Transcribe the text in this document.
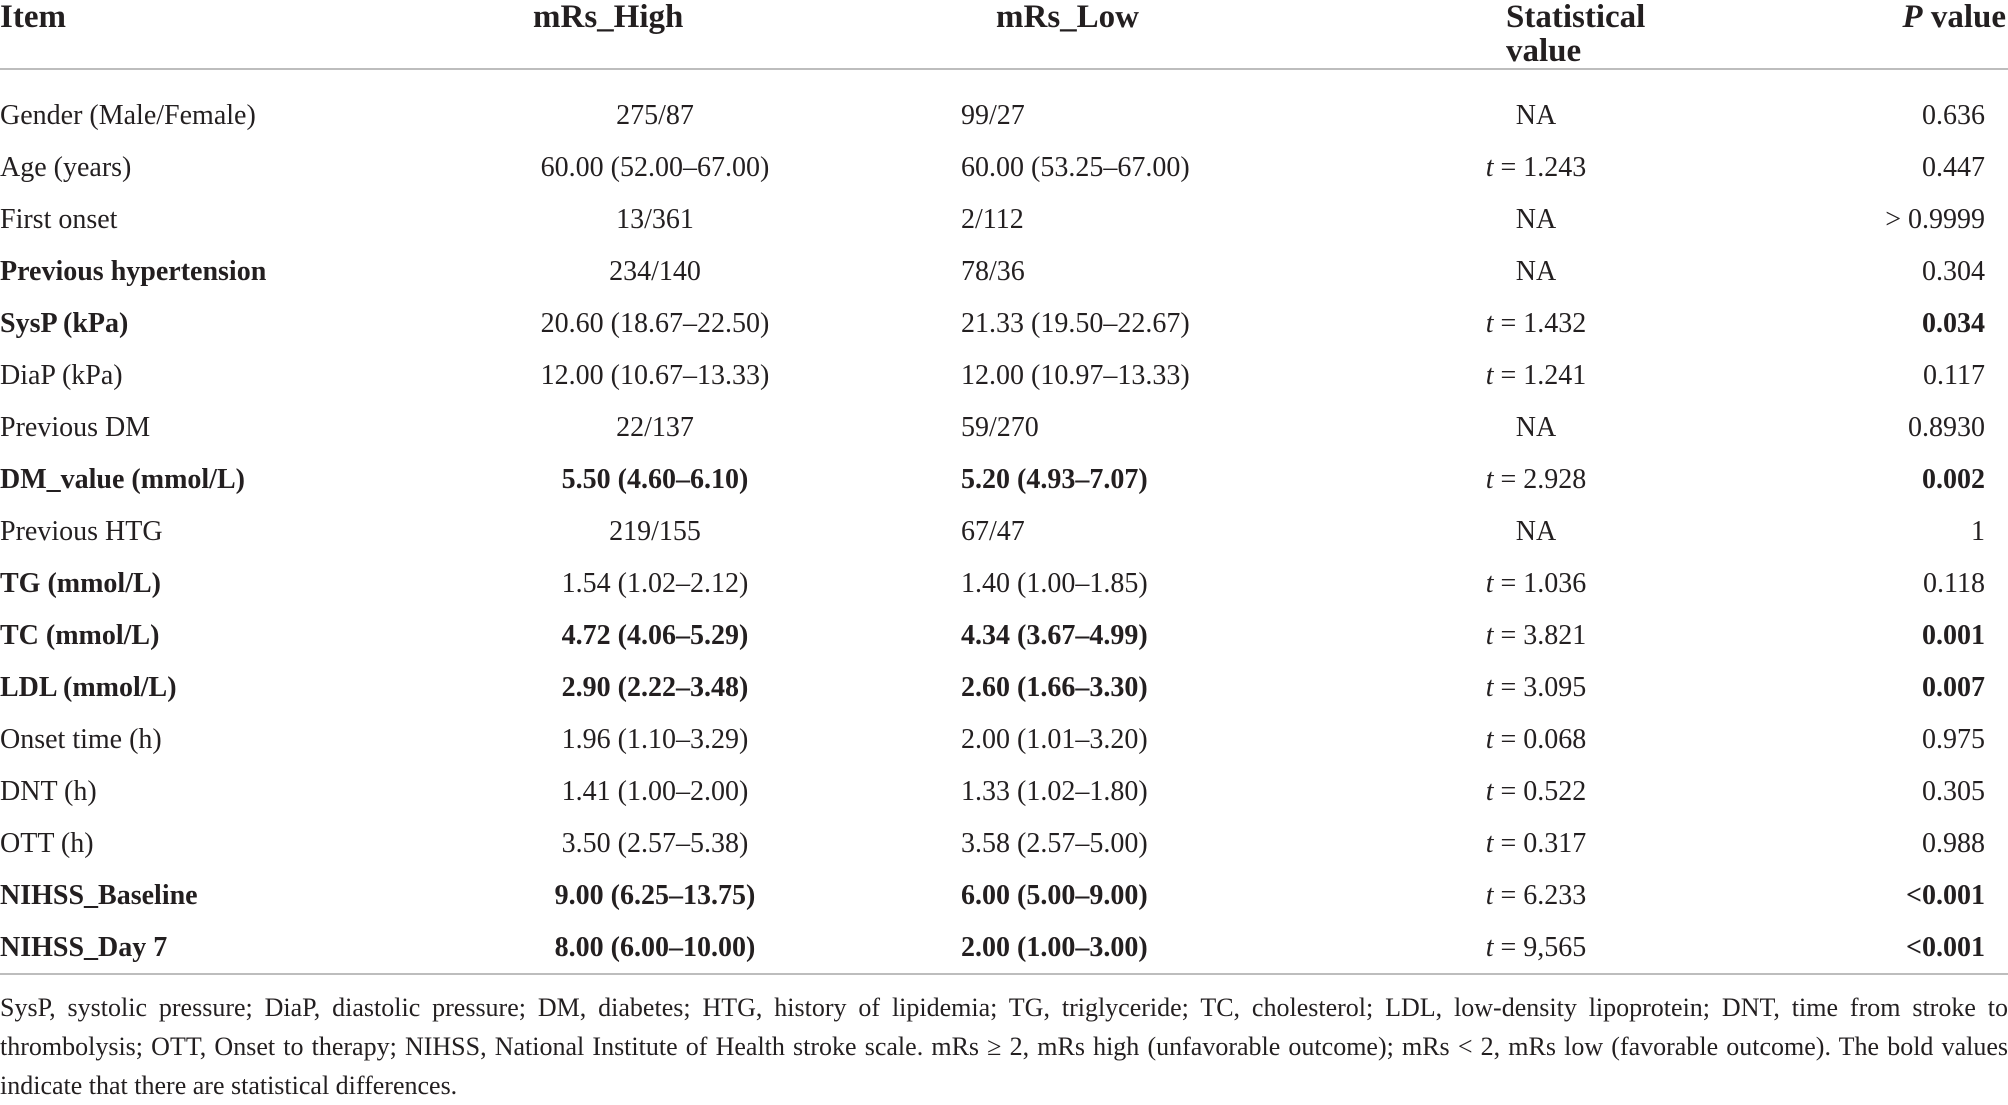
Item	mRs_High	mRs_Low	Statistical value	P value
Gender (Male/Female)	275/87	99/27	NA	0.636
Age (years)	60.00 (52.00–67.00)	60.00 (53.25–67.00)	t = 1.243	0.447
First onset	13/361	2/112	NA	> 0.9999
Previous hypertension	234/140	78/36	NA	0.304
SysP (kPa)	20.60 (18.67–22.50)	21.33 (19.50–22.67)	t = 1.432	0.034
DiaP (kPa)	12.00 (10.67–13.33)	12.00 (10.97–13.33)	t = 1.241	0.117
Previous DM	22/137	59/270	NA	0.8930
DM_value (mmol/L)	5.50 (4.60–6.10)	5.20 (4.93–7.07)	t = 2.928	0.002
Previous HTG	219/155	67/47	NA	1
TG (mmol/L)	1.54 (1.02–2.12)	1.40 (1.00–1.85)	t = 1.036	0.118
TC (mmol/L)	4.72 (4.06–5.29)	4.34 (3.67–4.99)	t = 3.821	0.001
LDL (mmol/L)	2.90 (2.22–3.48)	2.60 (1.66–3.30)	t = 3.095	0.007
Onset time (h)	1.96 (1.10–3.29)	2.00 (1.01–3.20)	t = 0.068	0.975
DNT (h)	1.41 (1.00–2.00)	1.33 (1.02–1.80)	t = 0.522	0.305
OTT (h)	3.50 (2.57–5.38)	3.58 (2.57–5.00)	t = 0.317	0.988
NIHSS_Baseline	9.00 (6.25–13.75)	6.00 (5.00–9.00)	t = 6.233	<0.001
NIHSS_Day 7	8.00 (6.00–10.00)	2.00 (1.00–3.00)	t = 9,565	<0.001
SysP, systolic pressure; DiaP, diastolic pressure; DM, diabetes; HTG, history of lipidemia; TG, triglyceride; TC, cholesterol; LDL, low-density lipoprotein; DNT, time from stroke to thrombolysis; OTT, Onset to therapy; NIHSS, National Institute of Health stroke scale. mRs ≥ 2, mRs high (unfavorable outcome); mRs < 2, mRs low (favorable outcome). The bold values indicate that there are statistical differences.
